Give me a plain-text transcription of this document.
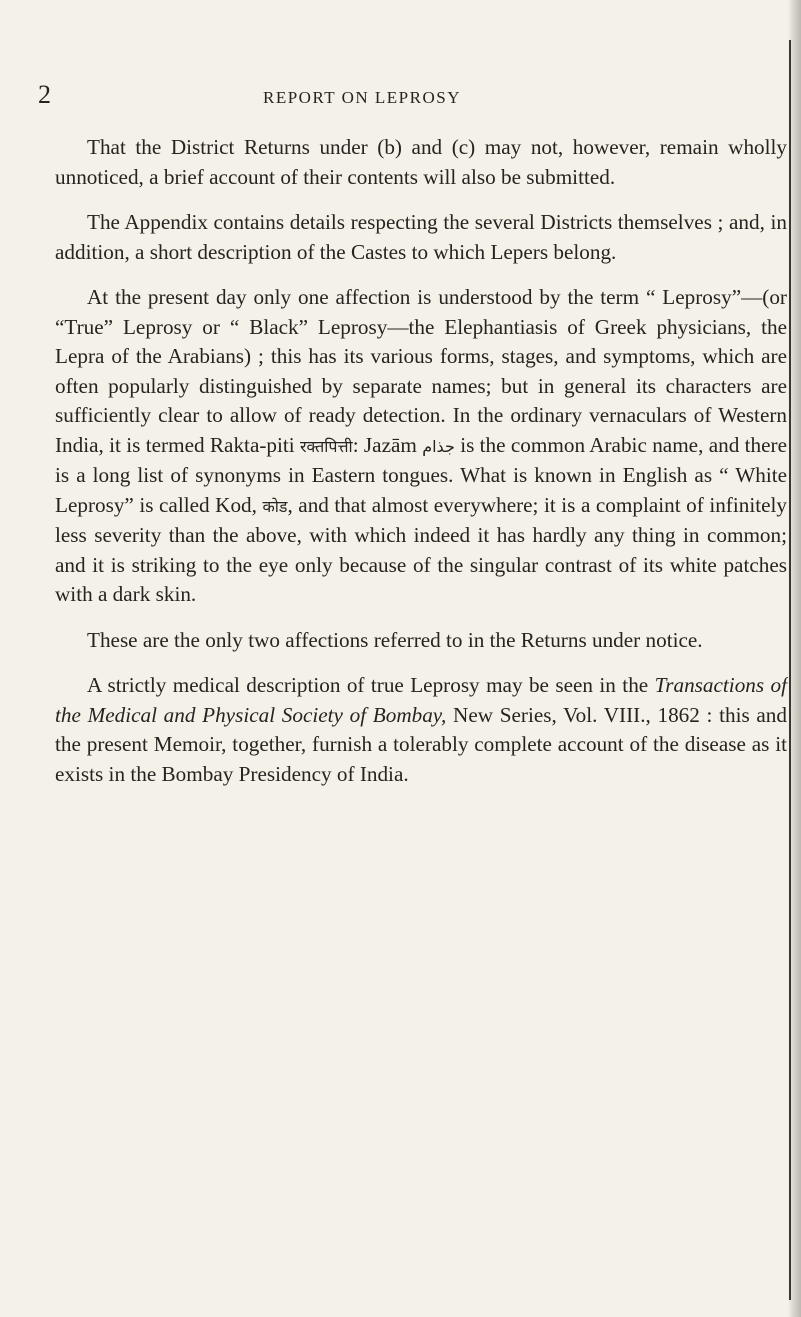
2	REPORT ON LEPROSY

That the District Returns under (b) and (c) may not, however, remain wholly unnoticed, a brief account of their contents will also be submitted.

The Appendix contains details respecting the several Districts themselves ; and, in addition, a short description of the Castes to which Lepers belong.

At the present day only one affection is understood by the term “ Leprosy”—(or “True” Leprosy or “ Black” Leprosy—the Elephantiasis of Greek physicians, the Lepra of the Arabians) ; this has its various forms, stages, and symptoms, which are often popularly distinguished by separate names; but in general its characters are sufficiently clear to allow of ready detection. In the ordinary vernaculars of Western India, it is termed Rakta-piti रक्तपित्ती: Jazām جذام is the common Arabic name, and there is a long list of synonyms in Eastern tongues. What is known in English as “ White Leprosy” is called Kod, कोड, and that almost everywhere; it is a complaint of infinitely less severity than the above, with which indeed it has hardly any thing in common; and it is striking to the eye only because of the singular contrast of its white patches with a dark skin.

These are the only two affections referred to in the Returns under notice.

A strictly medical description of true Leprosy may be seen in the Transactions of the Medical and Physical Society of Bombay, New Series, Vol. VIII., 1862 : this and the present Memoir, together, furnish a tolerably complete account of the disease as it exists in the Bombay Presidency of India.
